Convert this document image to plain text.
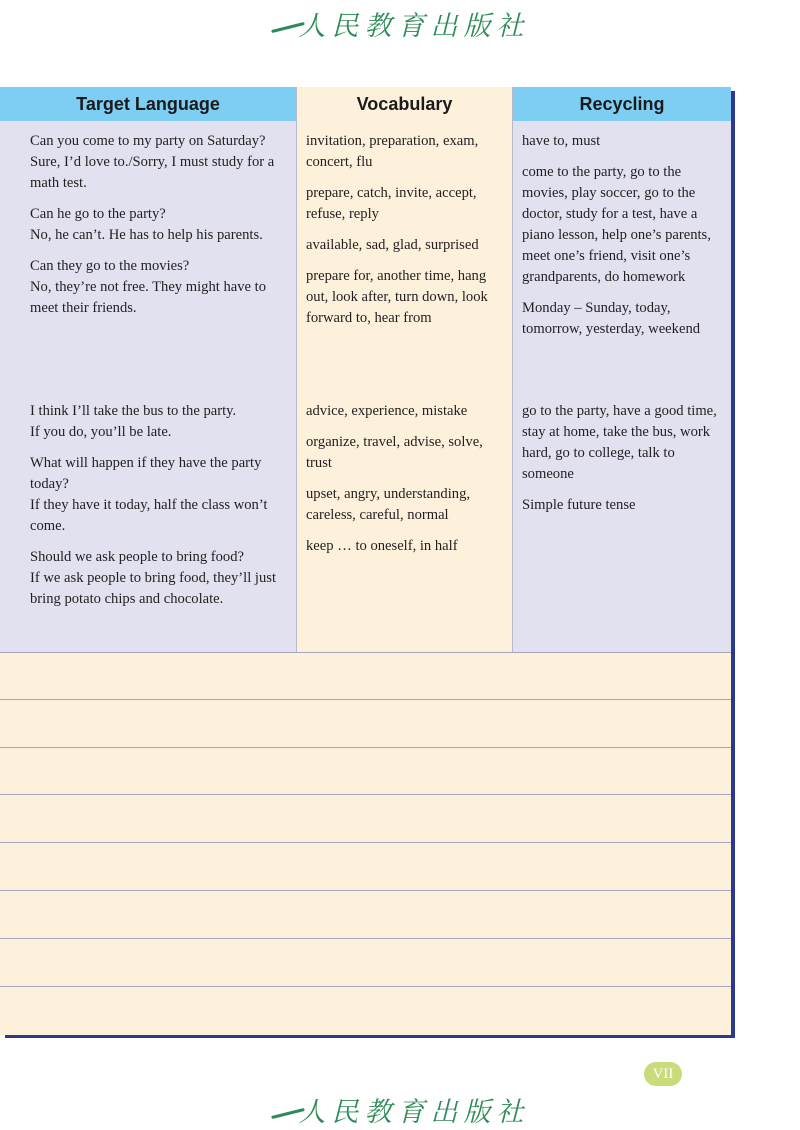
人民教育出版社
Target Language	Vocabulary	Recycling

Can you come to my party on Saturday?
Sure, I’d love to./Sorry, I must study for a math test.

Can he go to the party?
No, he can’t. He has to help his parents.

Can they go to the movies?
No, they’re not free. They might have to meet their friends.

invitation, preparation, exam, concert, flu

prepare, catch, invite, accept, refuse, reply

available, sad, glad, surprised

prepare for, another time, hang out, look after, turn down, look forward to, hear from

have to, must

come to the party, go to the movies, play soccer, go to the doctor, study for a test, have a piano lesson, help one’s parents, meet one’s friend, visit one’s grandparents, do homework

Monday – Sunday, today, tomorrow, yesterday, weekend

I think I’ll take the bus to the party.
If you do, you’ll be late.

What will happen if they have the party today?
If they have it today, half the class won’t come.

Should we ask people to bring food?
If we ask people to bring food, they’ll just bring potato chips and chocolate.

advice, experience, mistake

organize, travel, advise, solve, trust

upset, angry, understanding, careless, careful, normal

keep … to oneself, in half

go to the party, have a good time, stay at home, take the bus, work hard, go to college, talk to someone

Simple future tense

VII
人民教育出版社
